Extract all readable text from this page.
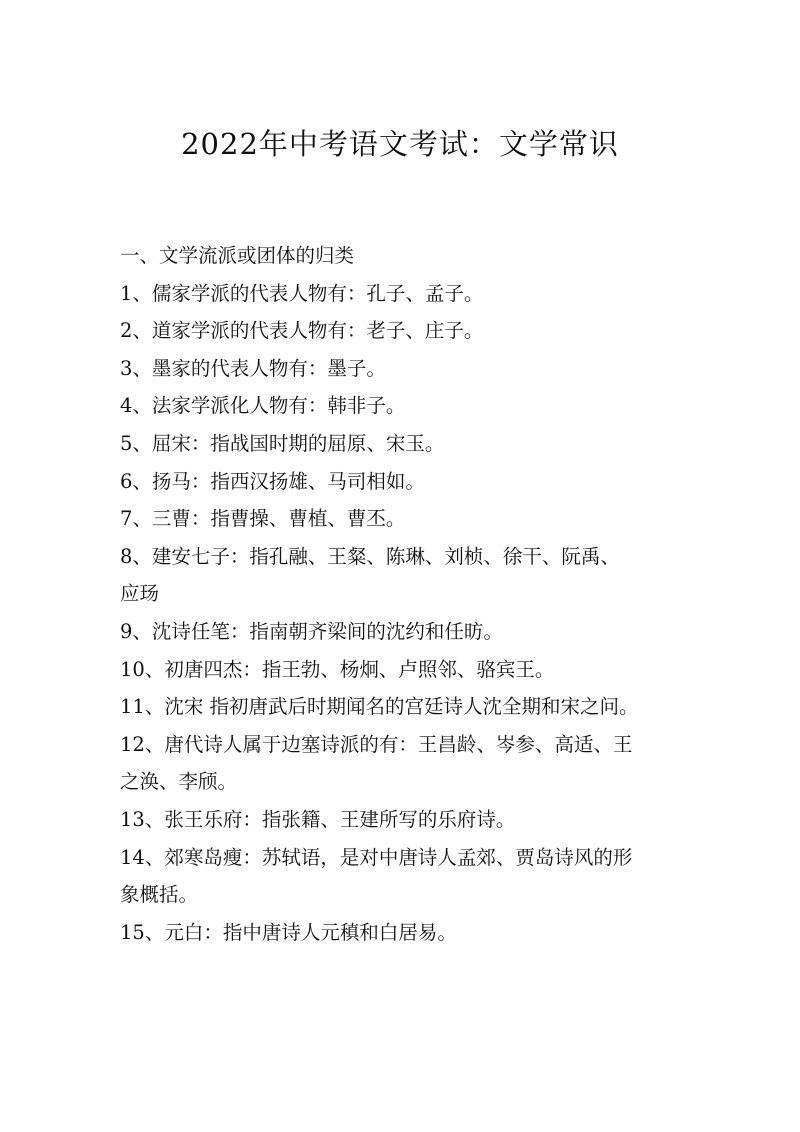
2022年中考语文考试：文学常识

一、文学流派或团体的归类

1、儒家学派的代表人物有：孔子、孟子。

2、道家学派的代表人物有：老子、庄子。

3、墨家的代表人物有：墨子。

4、法家学派化人物有：韩非子。

5、屈宋：指战国时期的屈原、宋玉。

6、扬马：指西汉扬雄、马司相如。

7、三曹：指曹操、曹植、曹丕。

8、建安七子：指孔融、王粲、陈琳、刘桢、徐干、阮禹、

应玚

9、沈诗任笔：指南朝齐梁间的沈约和任昉。

10、初唐四杰：指王勃、杨炯、卢照邻、骆宾王。

11、沈宋 指初唐武后时期闻名的宫廷诗人沈全期和宋之问。

12、唐代诗人属于边塞诗派的有：王昌龄、岑参、高适、王

之涣、李颀。

13、张王乐府：指张籍、王建所写的乐府诗。

14、郊寒岛瘦：苏轼语，是对中唐诗人孟郊、贾岛诗风的形

象概括。

15、元白：指中唐诗人元稹和白居易。
